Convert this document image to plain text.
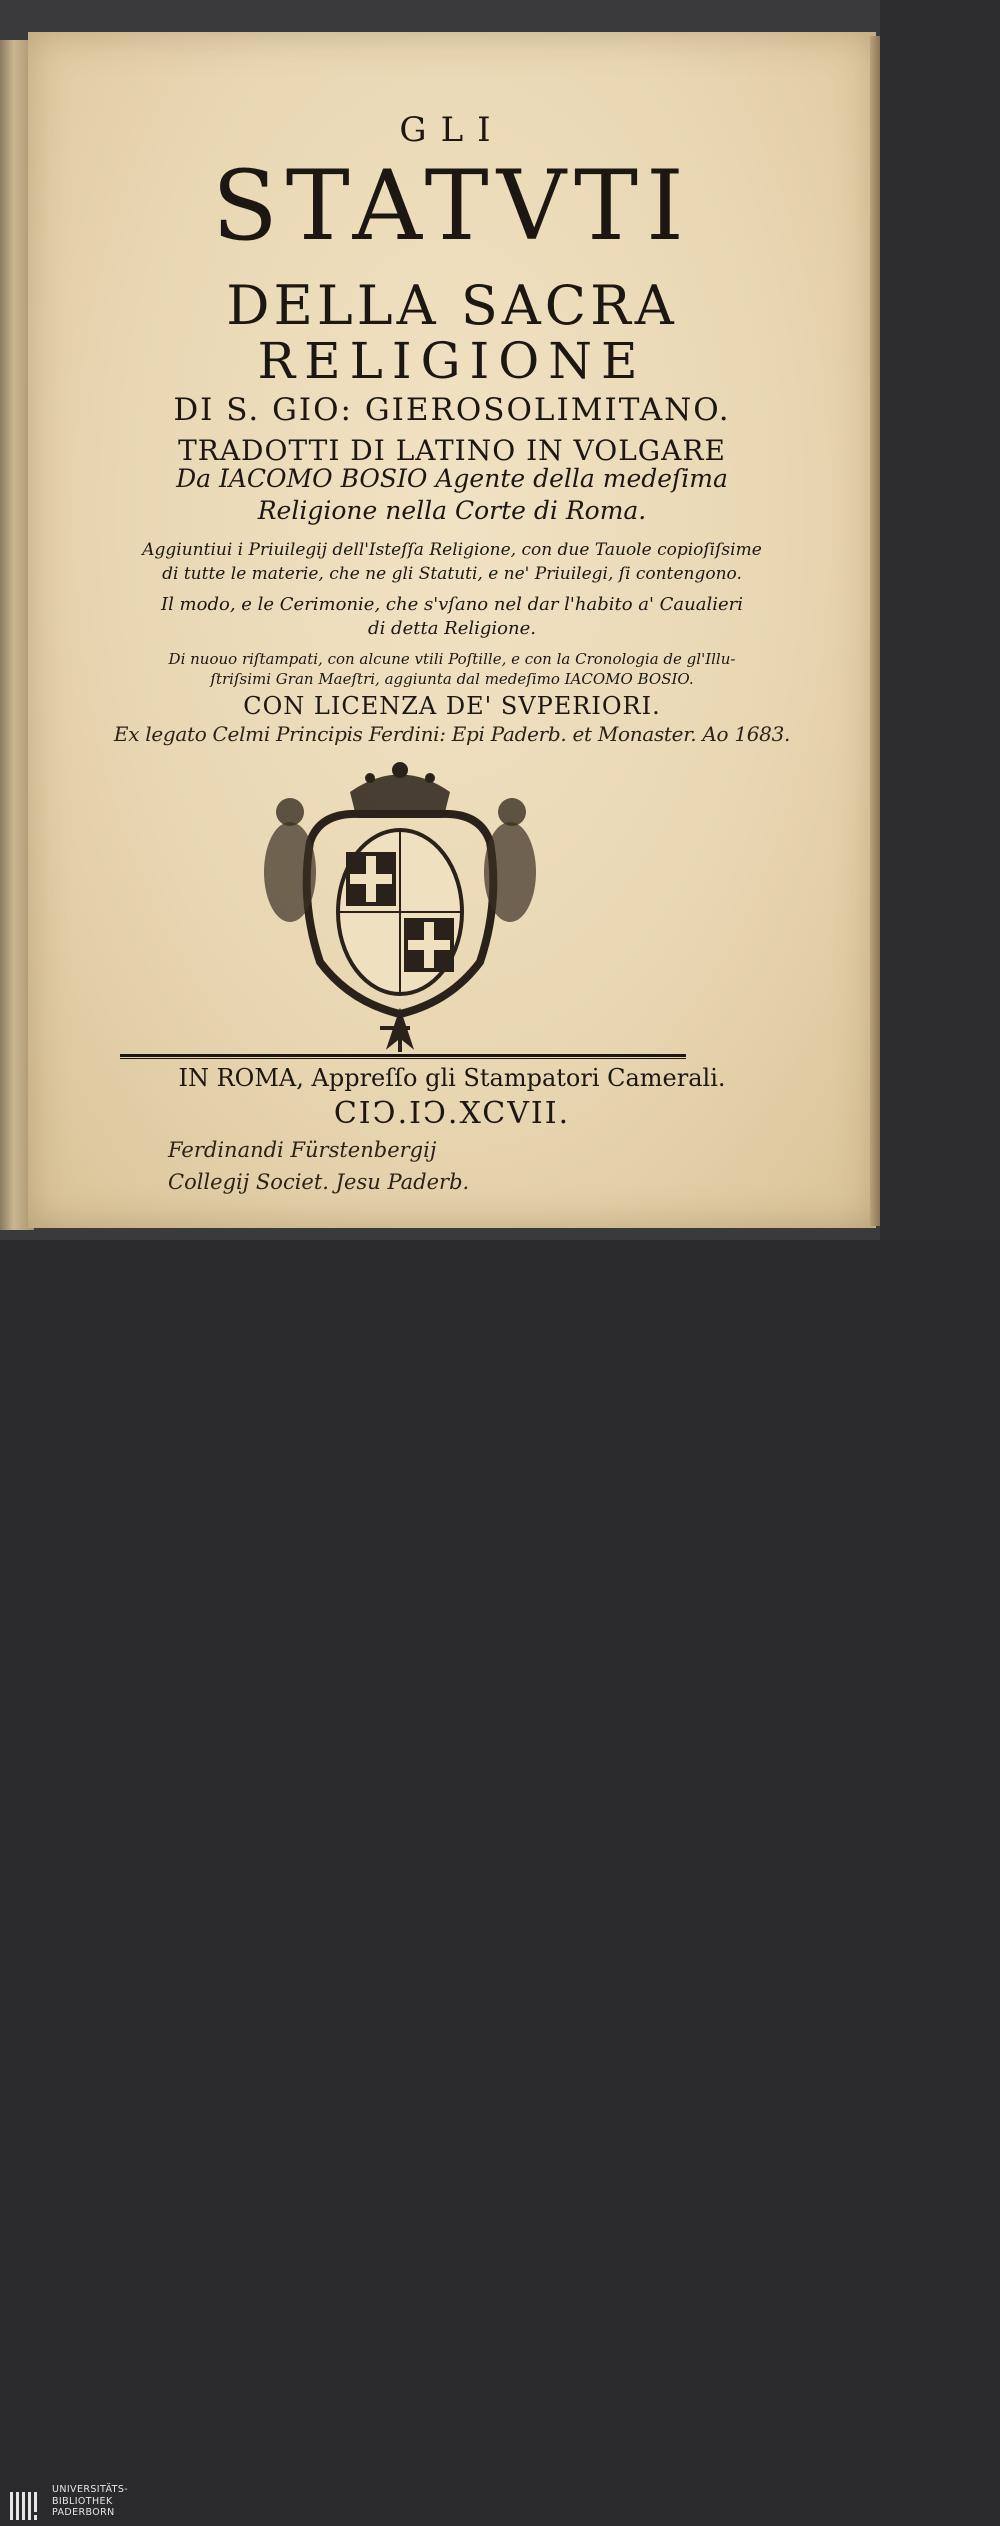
GLI
STATVTI
DELLA SACRA
RELIGIONE
DI S. GIO: GIEROSOLIMITANO.
TRADOTTI DI LATINO IN VOLGARE
Da IACOMO BOSIO Agente della medeſima
Religione nella Corte di Roma.
Aggiuntiui i Priuilegij dell'Isteſſa Religione, con due Tauole copioſiſsime
di tutte le materie, che ne gli Statuti, e ne' Priuilegi, ſi contengono.
Il modo, e le Cerimonie, che s'vſano nel dar l'habito a' Caualieri
di detta Religione.
Di nuouo riſtampati, con alcune vtili Poſtille, e con la Cronologia de gl'Illu-
ſtriſsimi Gran Maeſtri, aggiunta dal medeſimo IACOMO BOSIO.
CON LICENZA DE' SVPERIORI.
Ex legato Celmi Principis Ferdini: Epi Paderb. et Monaster. Ao 1683.
IN ROMA, Appreſſo gli Stampatori Camerali.
CIↃ.IↃ.XCVII.
Ferdinandi Fürstenbergij
Collegij Societ. Jesu Paderb.
UNIVERSITÄTS-
BIBLIOTHEK
PADERBORN
